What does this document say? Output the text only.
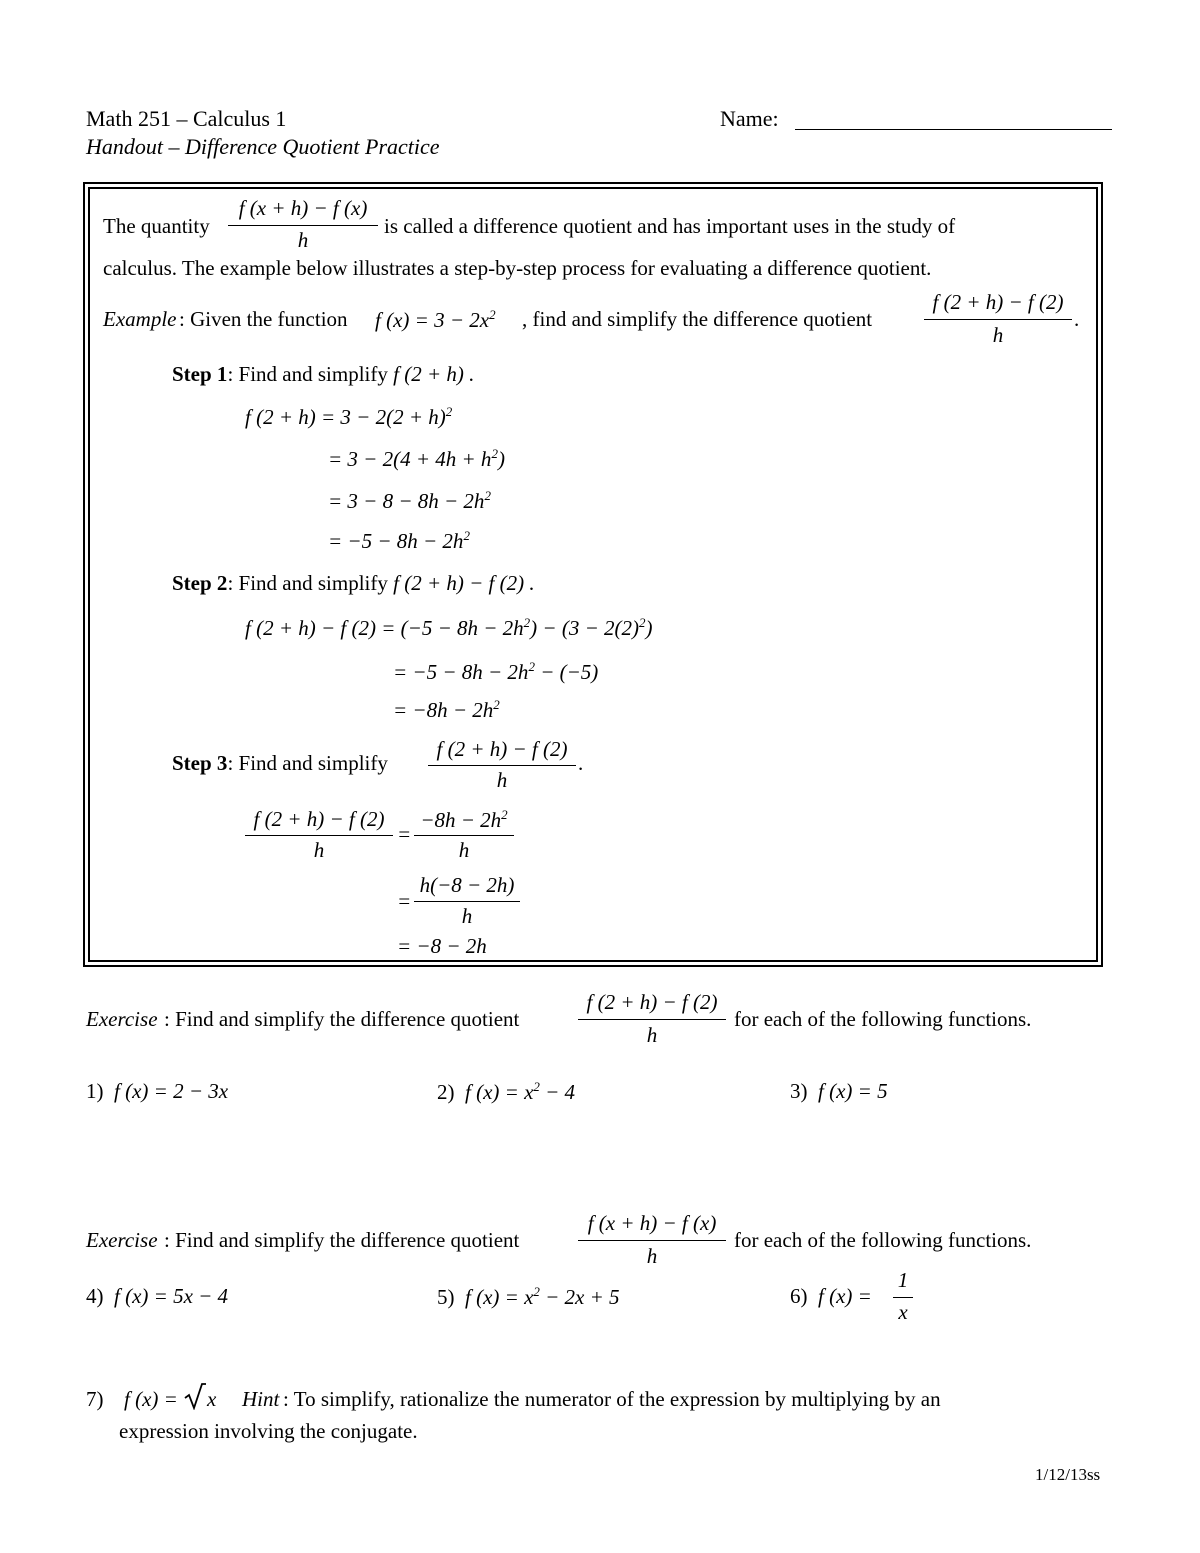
Math 251 – Calculus 1
Handout – Difference Quotient Practice
Name:
The quantity
f (x + h) − f (x)
h
is called a difference quotient and has important uses in the study of
calculus. The example below illustrates a step-by-step process for evaluating a difference quotient.
Example : Given the function f $(x) = 3 - 2x^2$ , find and simplify the difference quotient
f (2 + h) − f (2)
h
.
Step 1: Find and simplify f (2 + h) .
f $(2 + h) = 3 - 2(2 + h)^2$
= $3 - 2(4 + 4h + h^2)$
= $3 - 8 - 8h - 2h^2$
= $-5 - 8h - 2h^2$
Step 2: Find and simplify f (2 + h) − f (2) .
f (2 + h) − f $(2) = (-5 - 8h - 2h^2) - (3 - 2(2)^2)$
= $-5 - 8h - 2h^2 - (-5)$
= $-8h - 2h^2$
Step 3: Find and simplify
f (2 + h) − f (2)
h
.
f (2 + h) − f (2)
h
=
$-8h - 2h^2$
h
=
h(−8 − 2h)
h
= −8 − 2h
Exercise : Find and simplify the difference quotient
f (2 + h) − f (2)
h
for each of the following functions.
1) f (x) = 2 − 3x	2) f $(x) = x^2 - 4$	3) f (x) = 5
Exercise : Find and simplify the difference quotient
f (x + h) − f (x)
h
for each of the following functions.
4) f (x) = 5x − 4	5) f $(x) = x^2 - 2x + 5$	6) f (x) =
1
x
7) f (x) = x Hint : To simplify, rationalize the numerator of the expression by multiplying by an
expression involving the conjugate.
1/12/13ss
